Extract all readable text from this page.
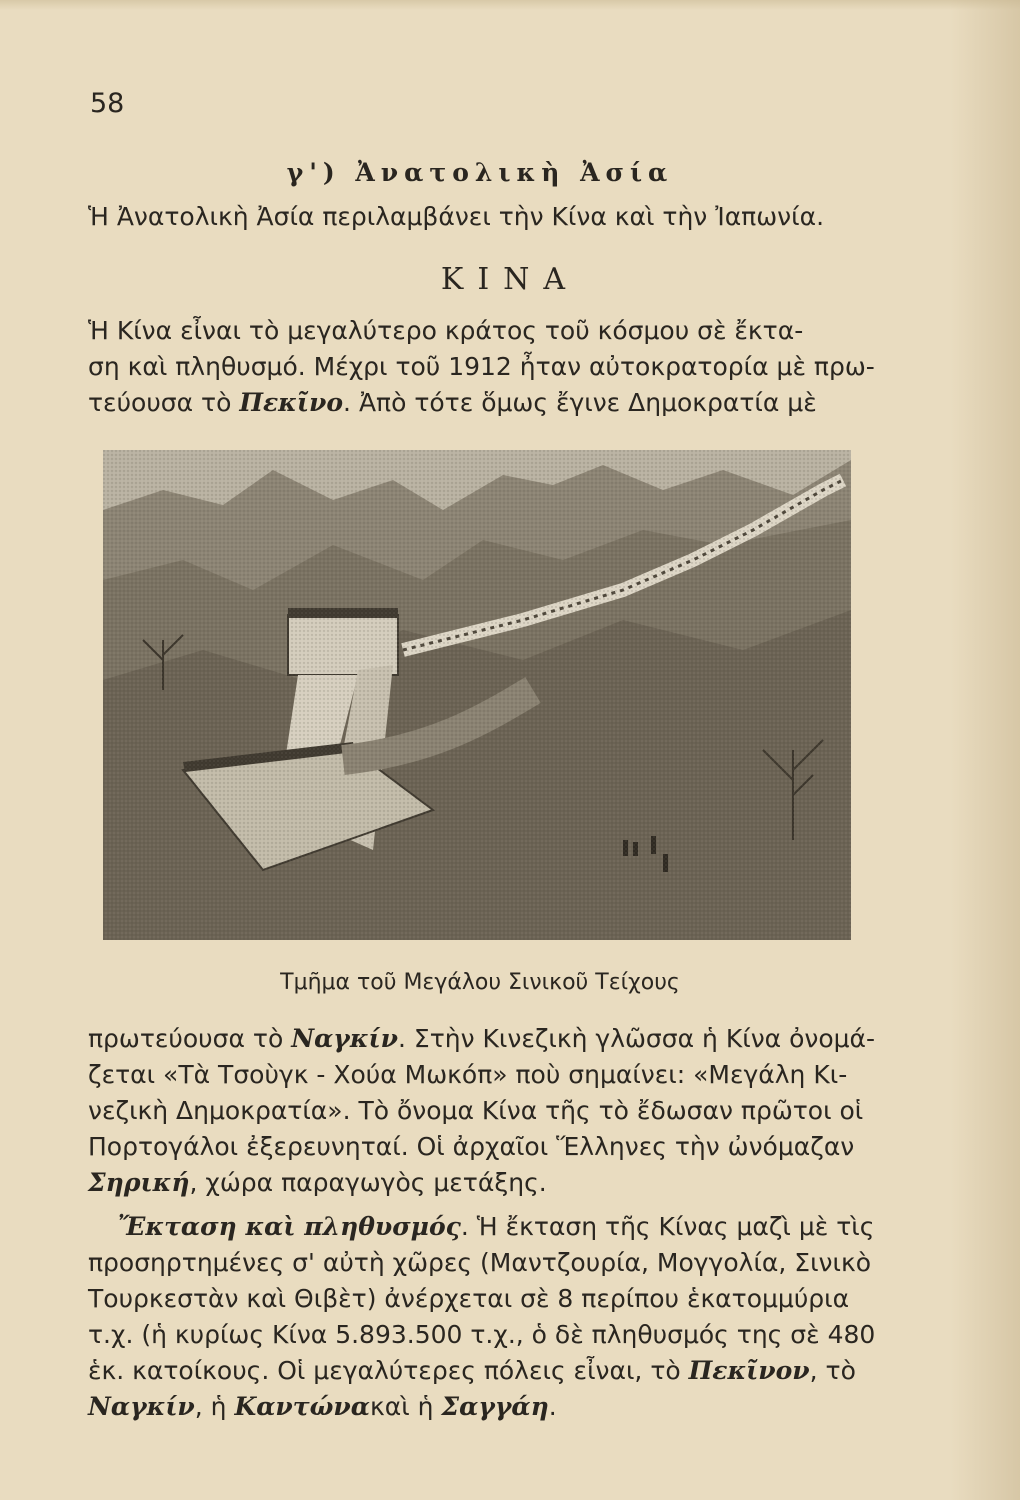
58
γ') Ἀνατολικὴ Ἀσία
Ἡ Ἀνατολικὴ Ἀσία περιλαμβάνει τὴν Κίνα καὶ τὴν Ἰαπωνία.
ΚΙΝΑ
Ἡ Κίνα εἶναι τὸ μεγαλύτερο κράτος τοῦ κόσμου σὲ ἔκτα-
ση καὶ πληθυσμό. Μέχρι τοῦ 1912 ἦταν αὐτοκρατορία μὲ πρω-
τεύουσα τὸ Πεκῖνο. Ἀπὸ τότε ὅμως ἔγινε Δημοκρατία μὲ
Τμῆμα τοῦ Μεγάλου Σινικοῦ Τείχους
πρωτεύουσα τὸ Ναγκίν. Στὴν Κινεζικὴ γλῶσσα ἡ Κίνα ὀνομά-
ζεται «Τὰ Τσοὺγκ - Χούα Μωκόπ» ποὺ σημαίνει: «Μεγάλη Κι-
νεζικὴ Δημοκρατία». Τὸ ὄνομα Κίνα τῆς τὸ ἔδωσαν πρῶτοι οἱ
Πορτογάλοι ἐξερευνηταί. Οἱ ἀρχαῖοι Ἕλληνες τὴν ὠνόμαζαν
Σηρική, χώρα παραγωγὸς μετάξης.
Ἔκταση καὶ πληθυσμός. Ἡ ἔκταση τῆς Κίνας μαζὶ μὲ τὶς
προσηρτημένες σ' αὐτὴ χῶρες (Μαντζουρία, Μογγολία, Σινικὸ
Τουρκεστὰν καὶ Θιβὲτ) ἀνέρχεται σὲ 8 περίπου ἑκατομμύρια
τ.χ. (ἡ κυρίως Κίνα 5.893.500 τ.χ., ὁ δὲ πληθυσμός της σὲ 480
ἑκ. κατοίκους. Οἱ μεγαλύτερες πόλεις εἶναι, τὸ Πεκῖνον, τὸ
Ναγκίν, ἡ Καντώνακαὶ ἡ Σαγγάη.
